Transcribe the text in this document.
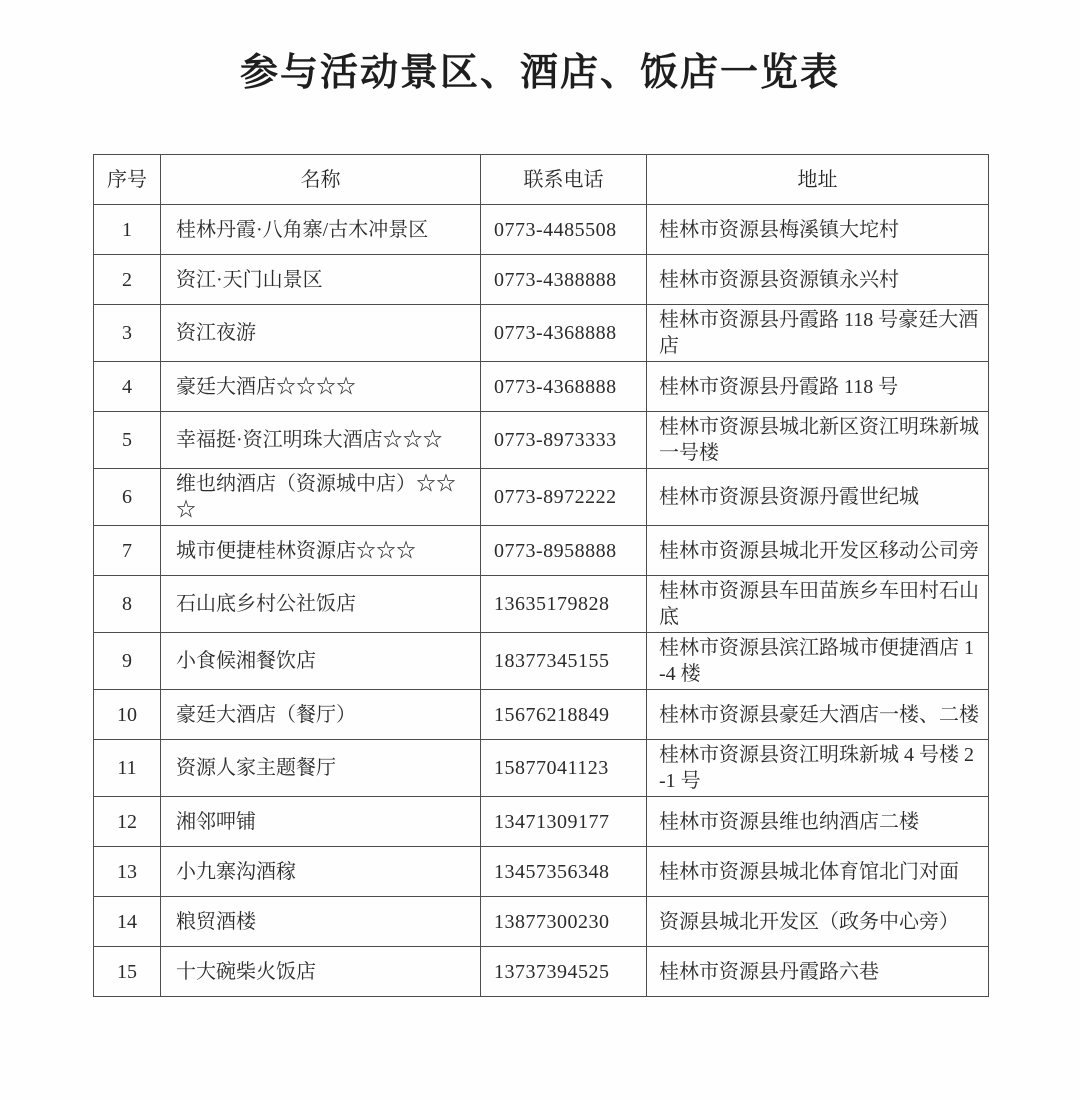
参与活动景区、酒店、饭店一览表
序号	名称	联系电话	地址
1	桂林丹霞·八角寨/古木冲景区	0773-4485508	桂林市资源县梅溪镇大坨村
2	资江·天门山景区	0773-4388888	桂林市资源县资源镇永兴村
3	资江夜游	0773-4368888	桂林市资源县丹霞路 118 号豪廷大酒店
4	豪廷大酒店☆☆☆☆	0773-4368888	桂林市资源县丹霞路 118 号
5	幸福挺·资江明珠大酒店☆☆☆	0773-8973333	桂林市资源县城北新区资江明珠新城一号楼
6	维也纳酒店（资源城中店）☆☆☆	0773-8972222	桂林市资源县资源丹霞世纪城
7	城市便捷桂林资源店☆☆☆	0773-8958888	桂林市资源县城北开发区移动公司旁
8	石山底乡村公社饭店	13635179828	桂林市资源县车田苗族乡车田村石山底
9	小食候湘餐饮店	18377345155	桂林市资源县滨江路城市便捷酒店 1-4 楼
10	豪廷大酒店（餐厅）	15676218849	桂林市资源县豪廷大酒店一楼、二楼
11	资源人家主题餐厅	15877041123	桂林市资源县资江明珠新城 4 号楼 2-1 号
12	湘邻呷铺	13471309177	桂林市资源县维也纳酒店二楼
13	小九寨沟酒稼	13457356348	桂林市资源县城北体育馆北门对面
14	粮贸酒楼	13877300230	资源县城北开发区（政务中心旁）
15	十大碗柴火饭店	13737394525	桂林市资源县丹霞路六巷
